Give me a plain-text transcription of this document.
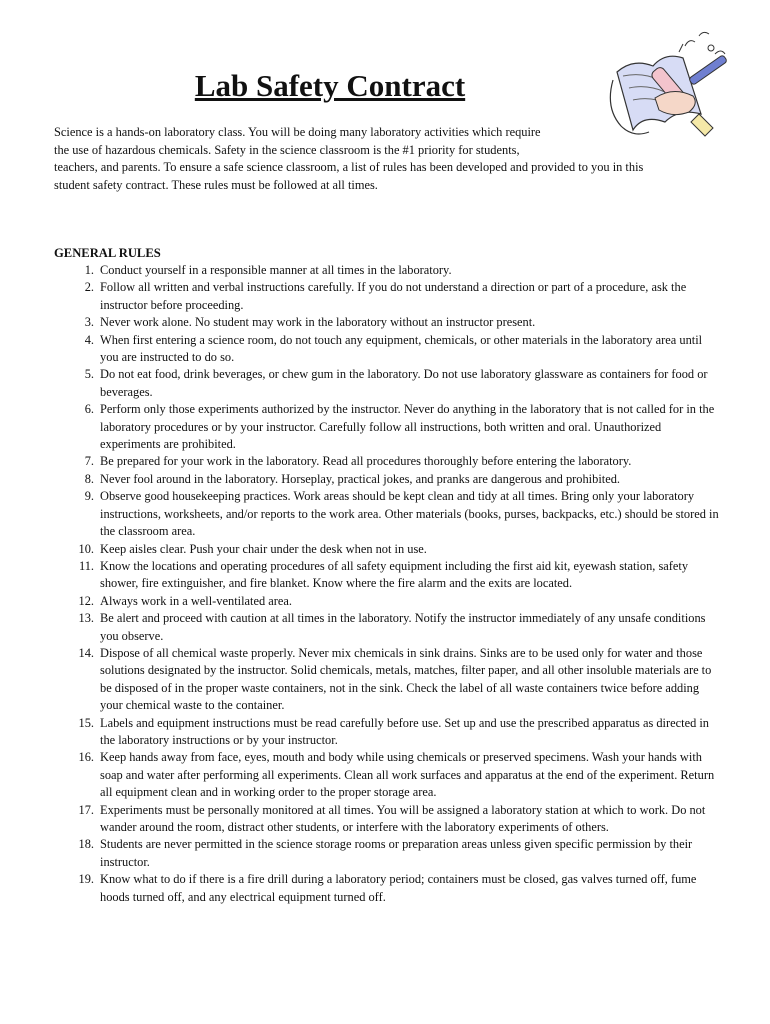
Lab Safety Contract
Science is a hands-on laboratory class. You will be doing many laboratory activities which require
the use of hazardous chemicals. Safety in the science classroom is the #1 priority for students,
teachers, and parents. To ensure a safe science classroom, a list of rules has been developed and provided to you in this
student safety contract. These rules must be followed at all times.
GENERAL RULES
1. Conduct yourself in a responsible manner at all times in the laboratory.
2. Follow all written and verbal instructions carefully. If you do not understand a direction or part of a procedure, ask the instructor before proceeding.
3. Never work alone. No student may work in the laboratory without an instructor present.
4. When first entering a science room, do not touch any equipment, chemicals, or other materials in the laboratory area until you are instructed to do so.
5. Do not eat food, drink beverages, or chew gum in the laboratory. Do not use laboratory glassware as containers for food or beverages.
6. Perform only those experiments authorized by the instructor. Never do anything in the laboratory that is not called for in the laboratory procedures or by your instructor. Carefully follow all instructions, both written and oral. Unauthorized experiments are prohibited.
7. Be prepared for your work in the laboratory. Read all procedures thoroughly before entering the laboratory.
8. Never fool around in the laboratory. Horseplay, practical jokes, and pranks are dangerous and prohibited.
9. Observe good housekeeping practices. Work areas should be kept clean and tidy at all times. Bring only your laboratory instructions, worksheets, and/or reports to the work area. Other materials (books, purses, backpacks, etc.) should be stored in the classroom area.
10. Keep aisles clear. Push your chair under the desk when not in use.
11. Know the locations and operating procedures of all safety equipment including the first aid kit, eyewash station, safety shower, fire extinguisher, and fire blanket. Know where the fire alarm and the exits are located.
12. Always work in a well-ventilated area.
13. Be alert and proceed with caution at all times in the laboratory. Notify the instructor immediately of any unsafe conditions you observe.
14. Dispose of all chemical waste properly. Never mix chemicals in sink drains. Sinks are to be used only for water and those solutions designated by the instructor. Solid chemicals, metals, matches, filter paper, and all other insoluble materials are to be disposed of in the proper waste containers, not in the sink. Check the label of all waste containers twice before adding your chemical waste to the container.
15. Labels and equipment instructions must be read carefully before use. Set up and use the prescribed apparatus as directed in the laboratory instructions or by your instructor.
16. Keep hands away from face, eyes, mouth and body while using chemicals or preserved specimens. Wash your hands with soap and water after performing all experiments. Clean all work surfaces and apparatus at the end of the experiment. Return all equipment clean and in working order to the proper storage area.
17. Experiments must be personally monitored at all times. You will be assigned a laboratory station at which to work. Do not wander around the room, distract other students, or interfere with the laboratory experiments of others.
18. Students are never permitted in the science storage rooms or preparation areas unless given specific permission by their instructor.
19. Know what to do if there is a fire drill during a laboratory period; containers must be closed, gas valves turned off, fume hoods turned off, and any electrical equipment turned off.
